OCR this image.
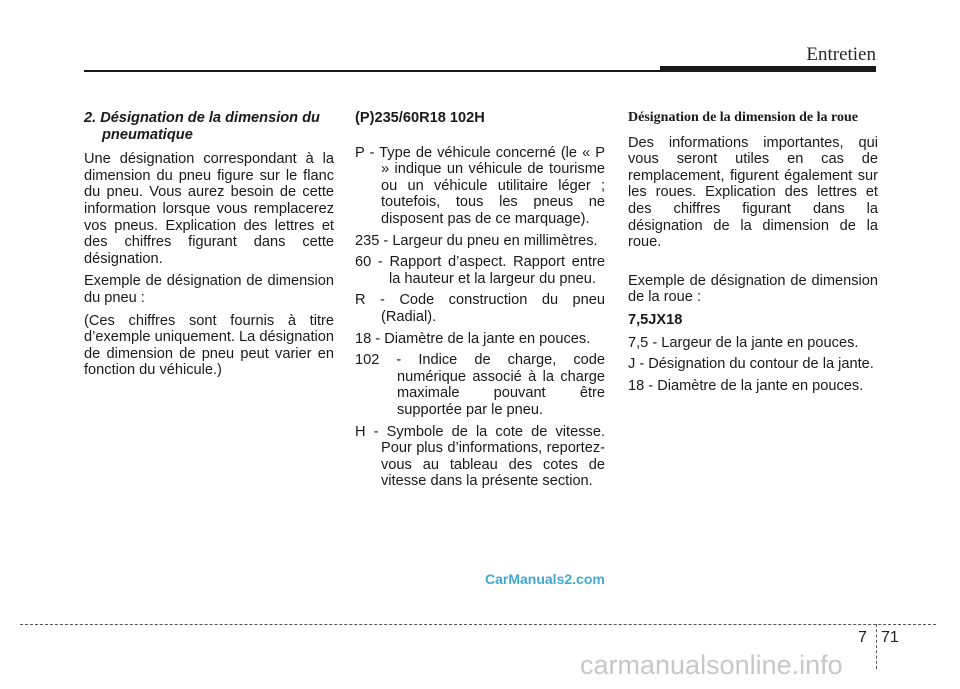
Entretien

2. Désignation de la dimension du pneumatique

Une désignation correspondant à la dimension du pneu figure sur le flanc du pneu. Vous aurez besoin de cette information lorsque vous remplacerez vos pneus. Explication des lettres et des chiffres figurant dans cette désignation.

Exemple de désignation de dimension du pneu :

(Ces chiffres sont fournis à titre d’exemple uniquement. La désignation de dimension de pneu peut varier en fonction du véhicule.)

(P)235/60R18 102H

P - Type de véhicule concerné (le « P » indique un véhicule de tourisme ou un véhicule utilitaire léger ; toutefois, tous les pneus ne disposent pas de ce marquage).

235 - Largeur du pneu en millimètres.

60 - Rapport d’aspect. Rapport entre la hauteur et la largeur du pneu.

R - Code construction du pneu (Radial).

18 - Diamètre de la jante en pouces.

102 - Indice de charge, code numérique associé à la charge maximale pouvant être supportée par le pneu.

H - Symbole de la cote de vitesse. Pour plus d’informations, reportez-vous au tableau des cotes de vitesse dans la présente section.

Désignation de la dimension de la roue

Des informations importantes, qui vous seront utiles en cas de remplacement, figurent également sur les roues. Explication des lettres et des chiffres figurant dans la désignation de la dimension de la roue.

Exemple de désignation de dimension de la roue :

7,5JX18

7,5 - Largeur de la jante en pouces.

J - Désignation du contour de la jante.

18 - Diamètre de la jante en pouces.

CarManuals2.com
7 71
carmanualsonline.info
